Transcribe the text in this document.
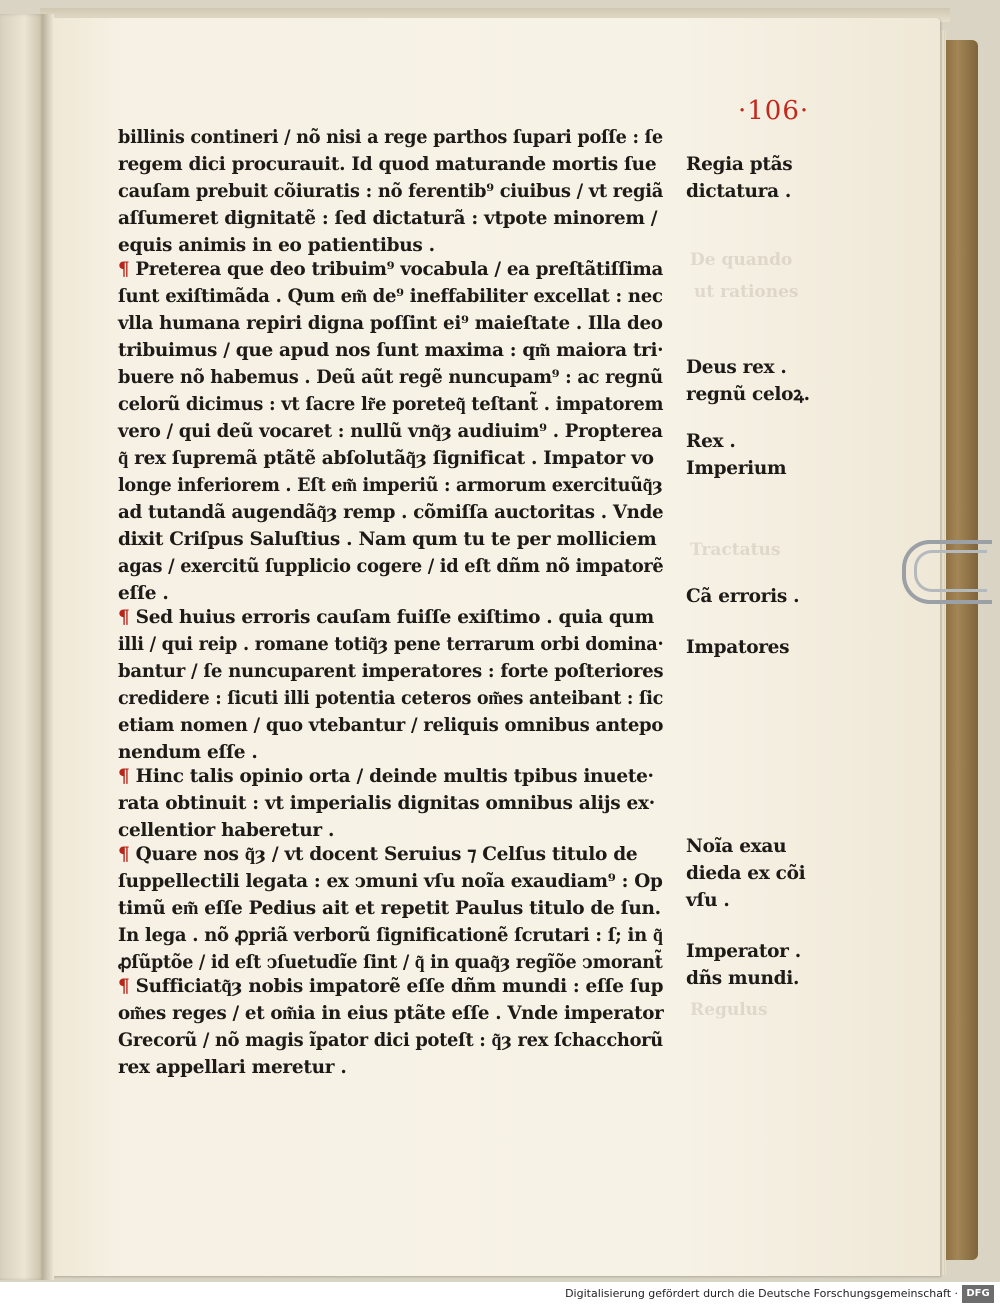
De quando
ut rationes
Tractatus
Regulus
·106·
billinis contineri / nõ nisi a rege parthos ſupari poſſe : ſe
regem dici procurauit. Id quod maturande mortis ſue
cauſam prebuit cõiuratis : nõ ferentib⁹ ciuibus / vt regiã
aſſumeret dignitatẽ : ſed dictaturã : vtpote minorem /
equis animis in eo patientibus .
¶ Preterea que deo tribuim⁹ vocabula / ea preſtãtiſſima
ſunt exiſtimãda . Qum em͂ de⁹ ineffabiliter excellat : nec
vlla humana repiri digna poſſint ei⁹ maieſtate . Illa deo
tribuimus / que apud nos ſunt maxima : qm͂ maiora tri·
buere nõ habemus . Deũ aũt regẽ nuncupam⁹ : ac regnũ
celorũ dicimus : vt ſacre lr͂e poreteq͂ teſtant̃ . impatorem
vero / qui deũ vocaret : nullũ vnq͂ȝ audiuim⁹ . Propterea
q͂ rex ſupremã ptãtẽ abſolutãq͂ȝ ſignificat . Impator vo
longe inferiorem . Eſt em͂ imperiũ : armorum exercituũq͂ȝ
ad tutandã augendãq͂ȝ remp . cõmiſſa auctoritas . Vnde
dixit Criſpus Saluſtius . Nam qum tu te per molliciem
agas / exercitũ ſupplicio cogere / id eſt dñm nõ impatorẽ
eſſe .
¶ Sed huius erroris cauſam fuiſſe exiſtimo . quia qum
illi / qui reip . romane totiq͂ȝ pene terrarum orbi domina·
bantur / ſe nuncuparent imperatores : forte poſteriores
credidere : ſicuti illi potentia ceteros om͂es anteibant : ſic
etiam nomen / quo vtebantur / reliquis omnibus antepo
nendum eſſe .
¶ Hinc talis opinio orta / deinde multis tpibus inuete·
rata obtinuit : vt imperialis dignitas omnibus alijs ex·
cellentior haberetur .
¶ Quare nos q͂ȝ / vt docent Seruius ⁊ Celſus titulo de
ſuppellectili legata : ex ↄmuni vſu noĩa exaudiam⁹ : Op
timũ em͂ eſſe Pedius ait et repetit Paulus titulo de ſun.
In lega . nõ ꝓpriã verborũ ſignificationẽ ſcrutari : ſ; in q͂
ꝓſũptõe / id eſt ↄſuetudĩe ſint / q͂ in quaq͂ȝ regĩõe ↄmorant̃
¶ Sufficiatq͂ȝ nobis impatorẽ eſſe dñm mundi : eſſe ſup
om͂es reges / et om͂ia in eius ptãte eſſe . Vnde imperator
Grecorũ / nõ magis ĩpator dici poteſt : q͂ȝ rex ſchacchorũ
rex appellari meretur .
Regia ptãs
dictatura .
Deus rex .
regnũ celoꝝ.
Rex .
Imperium
Cã erroris .
Impatores
Noĩa exau
dieda ex cõi
vſu .
Imperator .
dñs mundi.
Digitalisierung gefördert durch die Deutsche Forschungsgemeinschaft · DFG
